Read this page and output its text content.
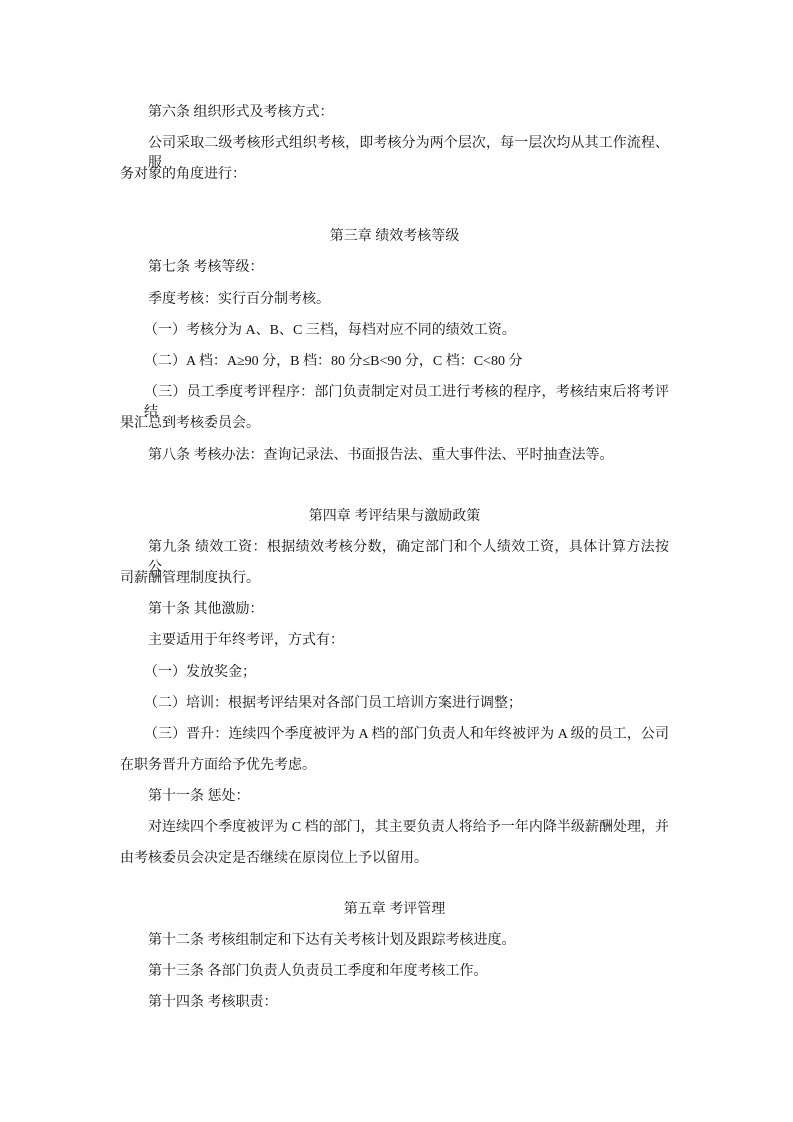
第六条 组织形式及考核方式：
公司采取二级考核形式组织考核，即考核分为两个层次，每一层次均从其工作流程、服
务对象的角度进行：
第三章 绩效考核等级
第七条 考核等级：
季度考核：实行百分制考核。
（一）考核分为 A、B、C 三档，每档对应不同的绩效工资。
（二）A 档：A≥90 分，B 档：80 分≤B<90 分，C 档：C<80 分
（三）员工季度考评程序：部门负责制定对员工进行考核的程序，考核结束后将考评结
果汇总到考核委员会。
第八条 考核办法：查询记录法、书面报告法、重大事件法、平时抽查法等。
第四章 考评结果与激励政策
第九条 绩效工资：根据绩效考核分数，确定部门和个人绩效工资，具体计算方法按公
司薪酬管理制度执行。
第十条 其他激励：
主要适用于年终考评，方式有：
（一）发放奖金；
（二）培训：根据考评结果对各部门员工培训方案进行调整；
（三）晋升：连续四个季度被评为 A 档的部门负责人和年终被评为 A 级的员工，公司
在职务晋升方面给予优先考虑。
第十一条 惩处：
对连续四个季度被评为 C 档的部门，其主要负责人将给予一年内降半级薪酬处理，并
由考核委员会决定是否继续在原岗位上予以留用。
第五章 考评管理
第十二条 考核组制定和下达有关考核计划及跟踪考核进度。
第十三条 各部门负责人负责员工季度和年度考核工作。
第十四条 考核职责：
